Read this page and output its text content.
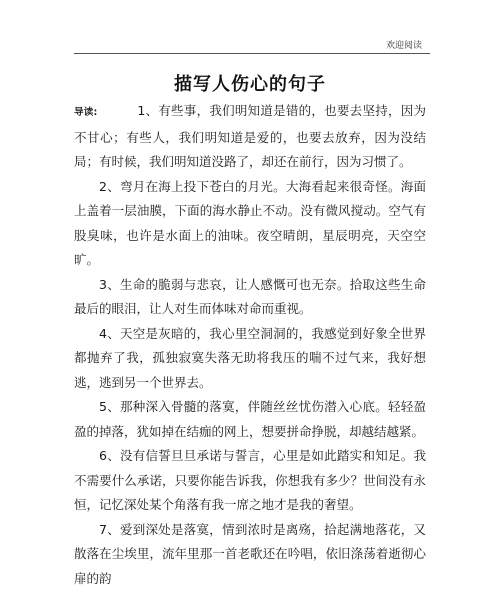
欢迎阅读
描写人伤心的句子

导读:	1、有些事，我们明知道是错的，也要去坚持，因为不甘心；有些人，我们明知道是爱的，也要去放弃，因为没结局；有时候，我们明知道没路了，却还在前行，因为习惯了。

2、弯月在海上投下苍白的月光。大海看起来很奇怪。海面上盖着一层油膜，下面的海水静止不动。没有微风搅动。空气有股臭味，也许是水面上的油味。夜空晴朗，星辰明亮，天空空旷。

3、生命的脆弱与悲哀，让人感慨可也无奈。拾取这些生命最后的眼泪，让人对生而体味对命而重视。

4、天空是灰暗的，我心里空洞洞的，我感觉到好象全世界都抛弃了我，孤独寂寞失落无助将我压的喘不过气来，我好想逃，逃到另一个世界去。

5、那种深入骨髓的落寞，伴随丝丝忧伤潜入心底。轻轻盈盈的掉落，犹如掉在结痂的网上，想要拼命挣脱，却越结越紧。

6、没有信誓旦旦承诺与誓言，心里是如此踏实和知足。我不需要什么承诺，只要你能告诉我，你想我有多少？世间没有永恒，记忆深处某个角落有我一席之地才是我的奢望。

7、爱到深处是落寞，情到浓时是离殇，拾起满地落花，又散落在尘埃里，流年里那一首老歌还在吟唱，依旧涤荡着逝彻心扉的韵
